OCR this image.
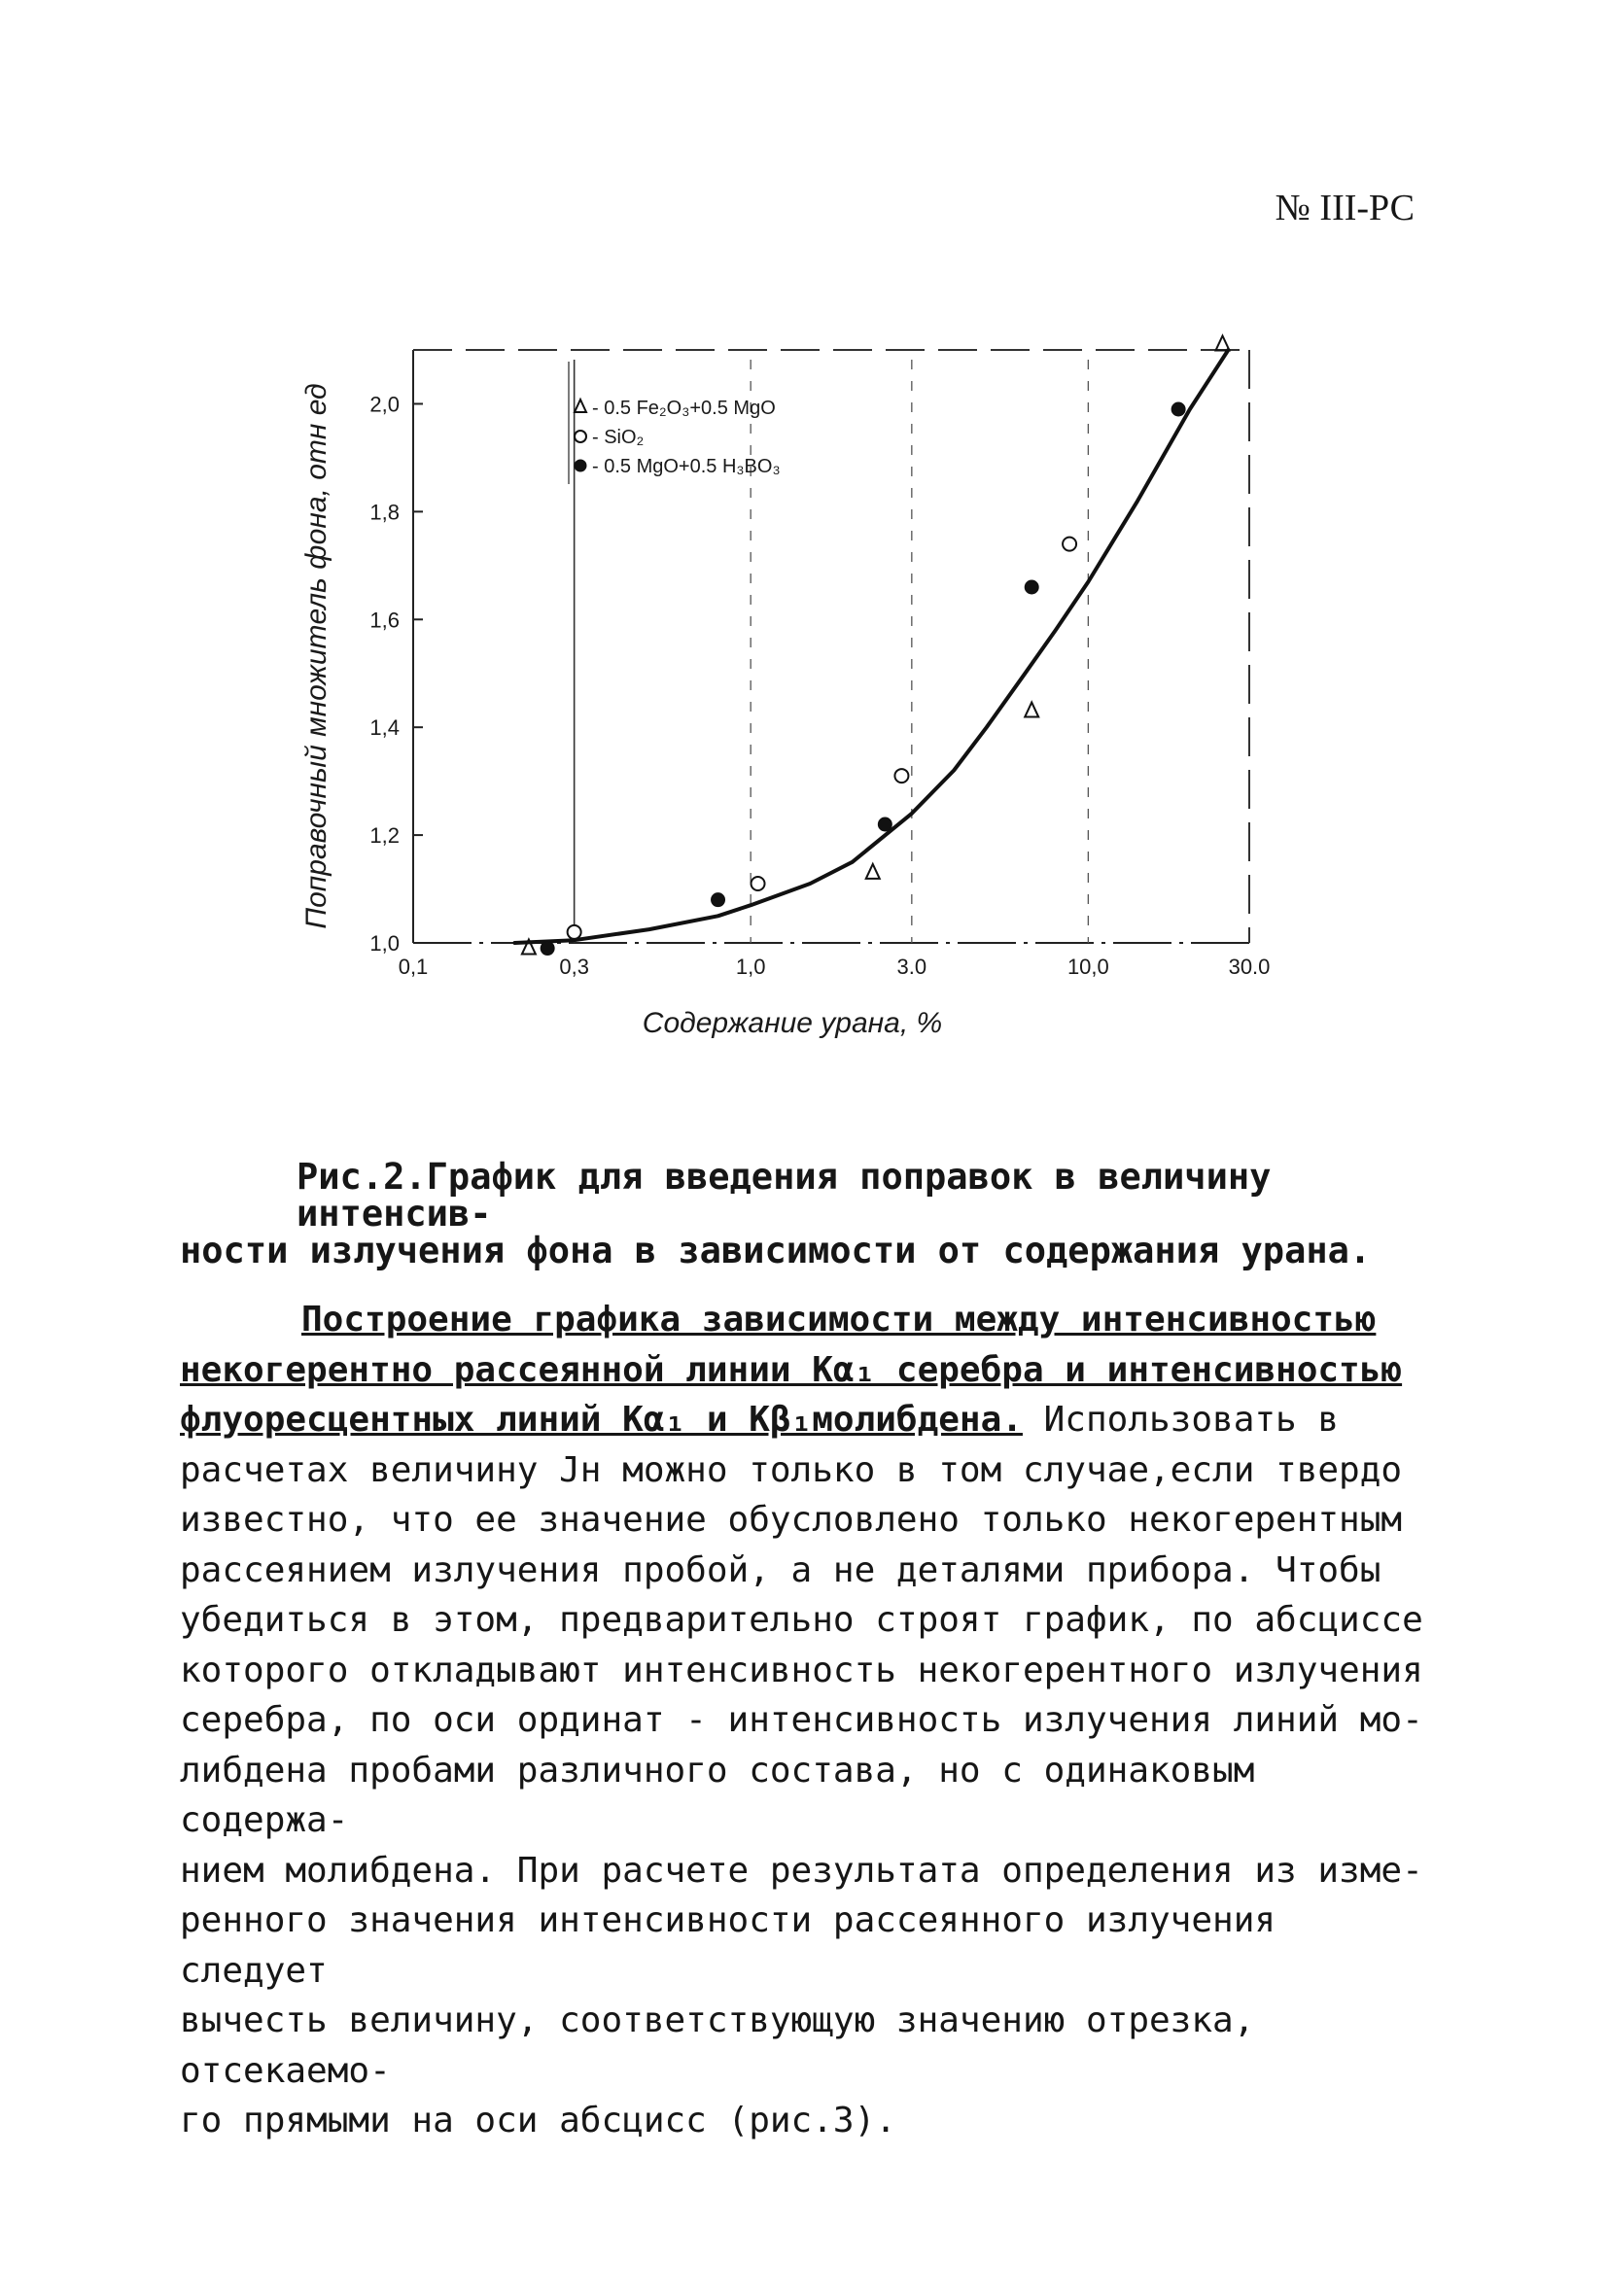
№ III-РС
- 0.5 Fe₂O₃+0.5 MgO
- SiO₂
- 0.5 MgO+0.5 H₃BO₃
1,0
1,2
1,4
1,6
1,8
2,0
0,1	0,3	1,0	3.0	10,0	30.0
Содержание урана, %
Поправочный множитель фона, отн ед
Рис.2.График для введения поправок в величину интенсив-
ности излучения фона в зависимости от содержания урана.
Построение графика зависимости между интенсивностью
некогерентно рассеянной линии Kα₁ серебра и интенсивностью
флуоресцентных линий Kα₁ и Kβ₁молибдена. Использовать в
расчетах величину Jн можно только в том случае,если твердо
известно, что ее значение обусловлено только некогерентным
рассеянием излучения пробой, а не деталями прибора. Чтобы
убедиться в этом, предварительно строят график, по абсциссе
которого откладывают интенсивность некогерентного излучения
серебра, по оси ординат - интенсивность излучения линий мо-
либдена пробами различного состава, но с одинаковым содержа-
нием молибдена. При расчете результата определения из изме-
ренного значения интенсивности рассеянного излучения следует
вычесть величину, соответствующую значению отрезка, отсекаемо-
го прямыми на оси абсцисс (рис.3).
